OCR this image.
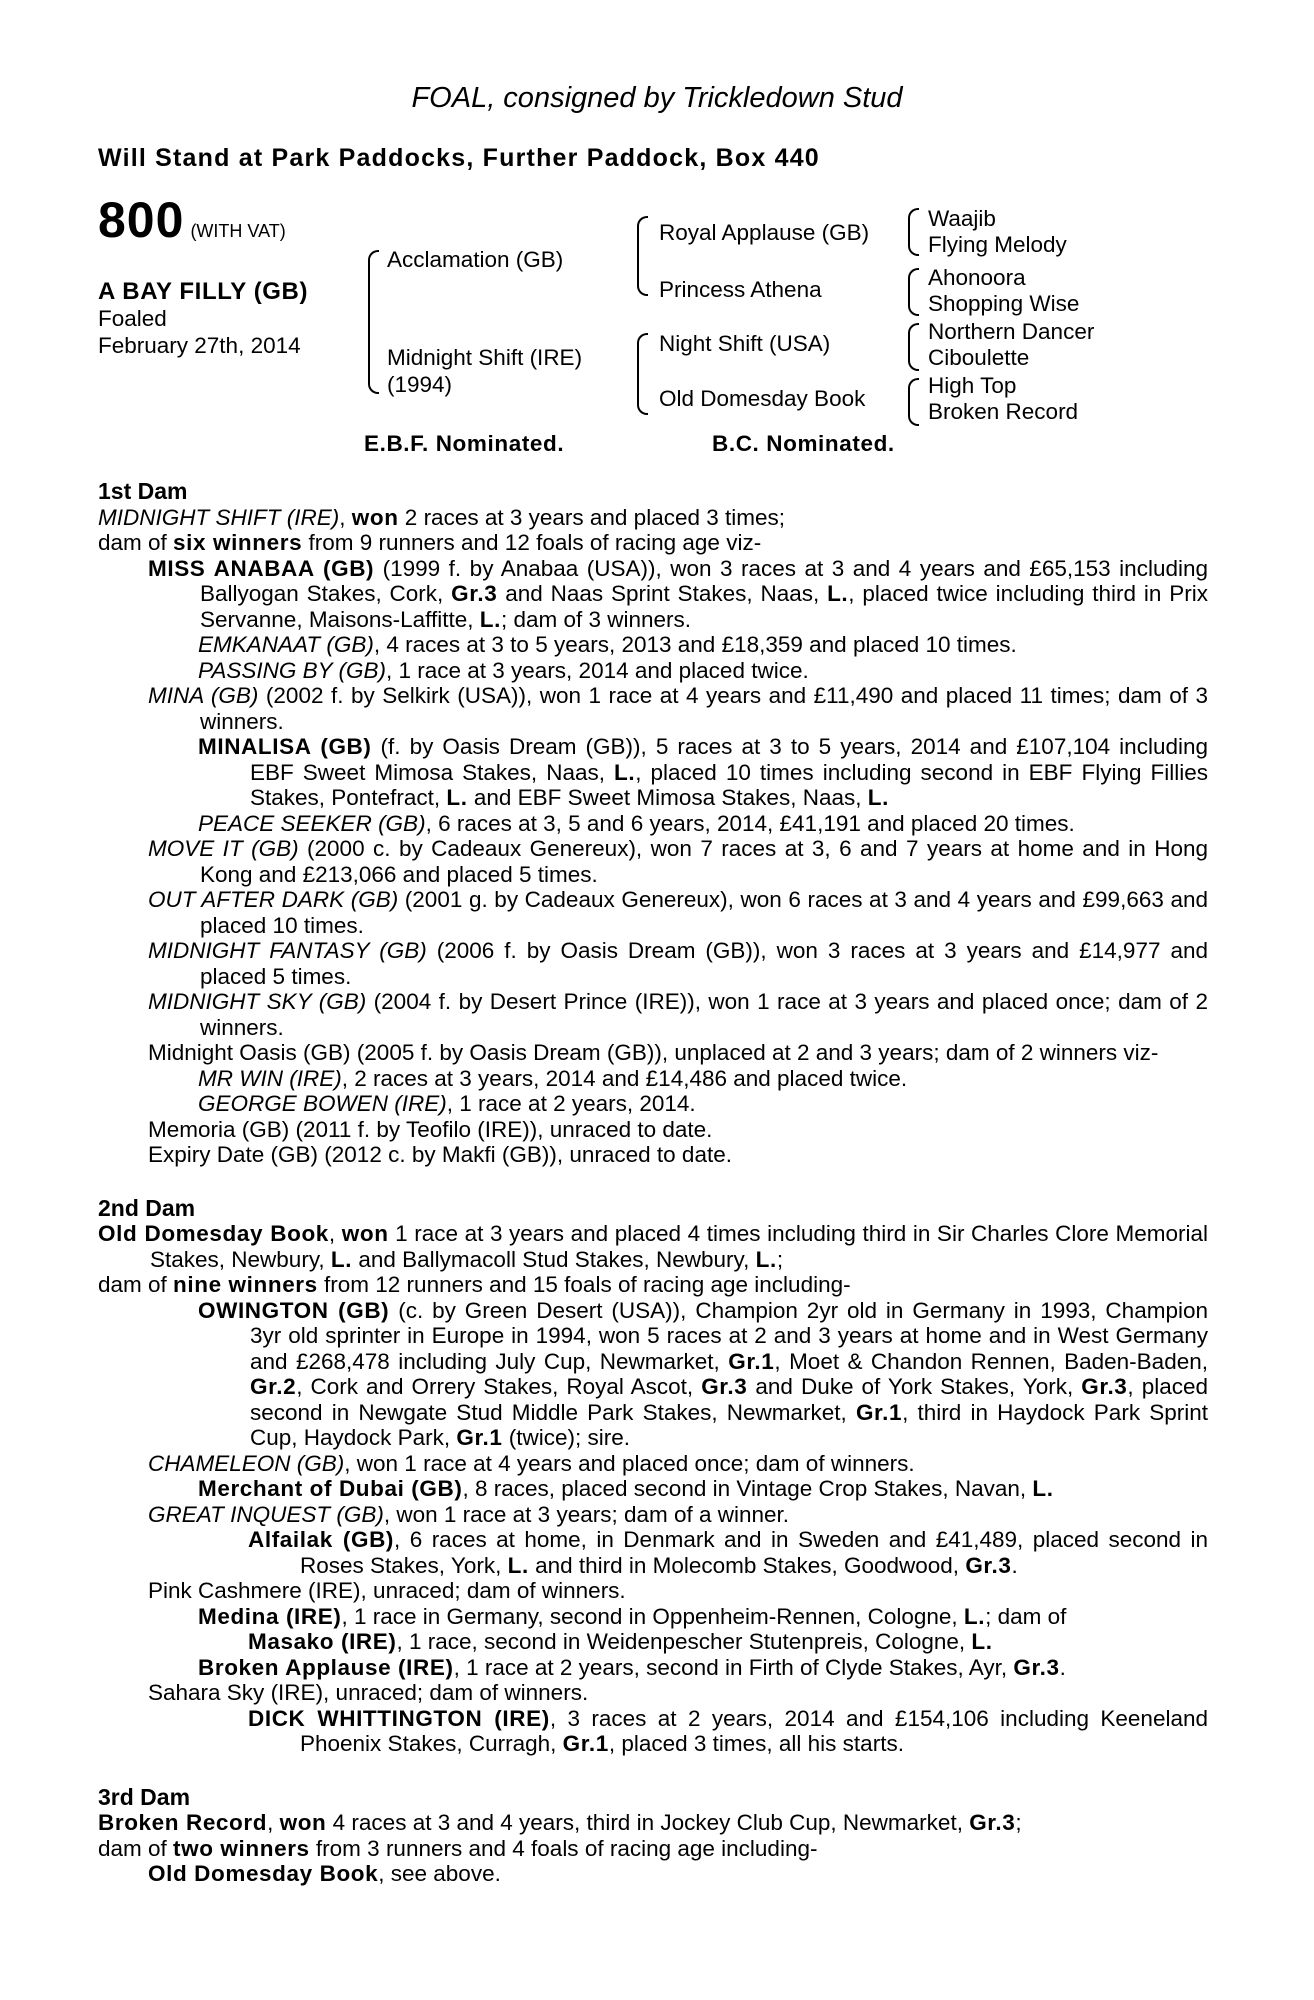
FOAL, consigned by Trickledown Stud
Will Stand at Park Paddocks, Further Paddock, Box 440
800 (WITH VAT)
A BAY FILLY (GB)
Foaled
February 27th, 2014
Acclamation (GB)
Midnight Shift (IRE)
(1994)
Royal Applause (GB)
Princess Athena
Night Shift (USA)
Old Domesday Book
Waajib
Flying Melody
Ahonoora
Shopping Wise
Northern Dancer
Ciboulette
High Top
Broken Record
E.B.F. Nominated.	B.C. Nominated.
1st Dam

MIDNIGHT SHIFT (IRE), won 2 races at 3 years and placed 3 times;

dam of six winners from 9 runners and 12 foals of racing age viz-

MISS ANABAA (GB) (1999 f. by Anabaa (USA)), won 3 races at 3 and 4 years and £65,153 including Ballyogan Stakes, Cork, Gr.3 and Naas Sprint Stakes, Naas, L., placed twice including third in Prix Servanne, Maisons-Laffitte, L.; dam of 3 winners.

EMKANAAT (GB), 4 races at 3 to 5 years, 2013 and £18,359 and placed 10 times.

PASSING BY (GB), 1 race at 3 years, 2014 and placed twice.

MINA (GB) (2002 f. by Selkirk (USA)), won 1 race at 4 years and £11,490 and placed 11 times; dam of 3 winners.

MINALISA (GB) (f. by Oasis Dream (GB)), 5 races at 3 to 5 years, 2014 and £107,104 including EBF Sweet Mimosa Stakes, Naas, L., placed 10 times including second in EBF Flying Fillies Stakes, Pontefract, L. and EBF Sweet Mimosa Stakes, Naas, L.

PEACE SEEKER (GB), 6 races at 3, 5 and 6 years, 2014, £41,191 and placed 20 times.

MOVE IT (GB) (2000 c. by Cadeaux Genereux), won 7 races at 3, 6 and 7 years at home and in Hong Kong and £213,066 and placed 5 times.

OUT AFTER DARK (GB) (2001 g. by Cadeaux Genereux), won 6 races at 3 and 4 years and £99,663 and placed 10 times.

MIDNIGHT FANTASY (GB) (2006 f. by Oasis Dream (GB)), won 3 races at 3 years and £14,977 and placed 5 times.

MIDNIGHT SKY (GB) (2004 f. by Desert Prince (IRE)), won 1 race at 3 years and placed once; dam of 2 winners.

Midnight Oasis (GB) (2005 f. by Oasis Dream (GB)), unplaced at 2 and 3 years; dam of 2 winners viz-

MR WIN (IRE), 2 races at 3 years, 2014 and £14,486 and placed twice.

GEORGE BOWEN (IRE), 1 race at 2 years, 2014.

Memoria (GB) (2011 f. by Teofilo (IRE)), unraced to date.

Expiry Date (GB) (2012 c. by Makfi (GB)), unraced to date.

2nd Dam

Old Domesday Book, won 1 race at 3 years and placed 4 times including third in Sir Charles Clore Memorial Stakes, Newbury, L. and Ballymacoll Stud Stakes, Newbury, L.;

dam of nine winners from 12 runners and 15 foals of racing age including-

OWINGTON (GB) (c. by Green Desert (USA)), Champion 2yr old in Germany in 1993, Champion 3yr old sprinter in Europe in 1994, won 5 races at 2 and 3 years at home and in West Germany and £268,478 including July Cup, Newmarket, Gr.1, Moet & Chandon Rennen, Baden-Baden, Gr.2, Cork and Orrery Stakes, Royal Ascot, Gr.3 and Duke of York Stakes, York, Gr.3, placed second in Newgate Stud Middle Park Stakes, Newmarket, Gr.1, third in Haydock Park Sprint Cup, Haydock Park, Gr.1 (twice); sire.

CHAMELEON (GB), won 1 race at 4 years and placed once; dam of winners.

Merchant of Dubai (GB), 8 races, placed second in Vintage Crop Stakes, Navan, L.

GREAT INQUEST (GB), won 1 race at 3 years; dam of a winner.

Alfailak (GB), 6 races at home, in Denmark and in Sweden and £41,489, placed second in Roses Stakes, York, L. and third in Molecomb Stakes, Goodwood, Gr.3.

Pink Cashmere (IRE), unraced; dam of winners.

Medina (IRE), 1 race in Germany, second in Oppenheim-Rennen, Cologne, L.; dam of

Masako (IRE), 1 race, second in Weidenpescher Stutenpreis, Cologne, L.

Broken Applause (IRE), 1 race at 2 years, second in Firth of Clyde Stakes, Ayr, Gr.3.

Sahara Sky (IRE), unraced; dam of winners.

DICK WHITTINGTON (IRE), 3 races at 2 years, 2014 and £154,106 including Keeneland Phoenix Stakes, Curragh, Gr.1, placed 3 times, all his starts.

3rd Dam

Broken Record, won 4 races at 3 and 4 years, third in Jockey Club Cup, Newmarket, Gr.3;

dam of two winners from 3 runners and 4 foals of racing age including-

Old Domesday Book, see above.
